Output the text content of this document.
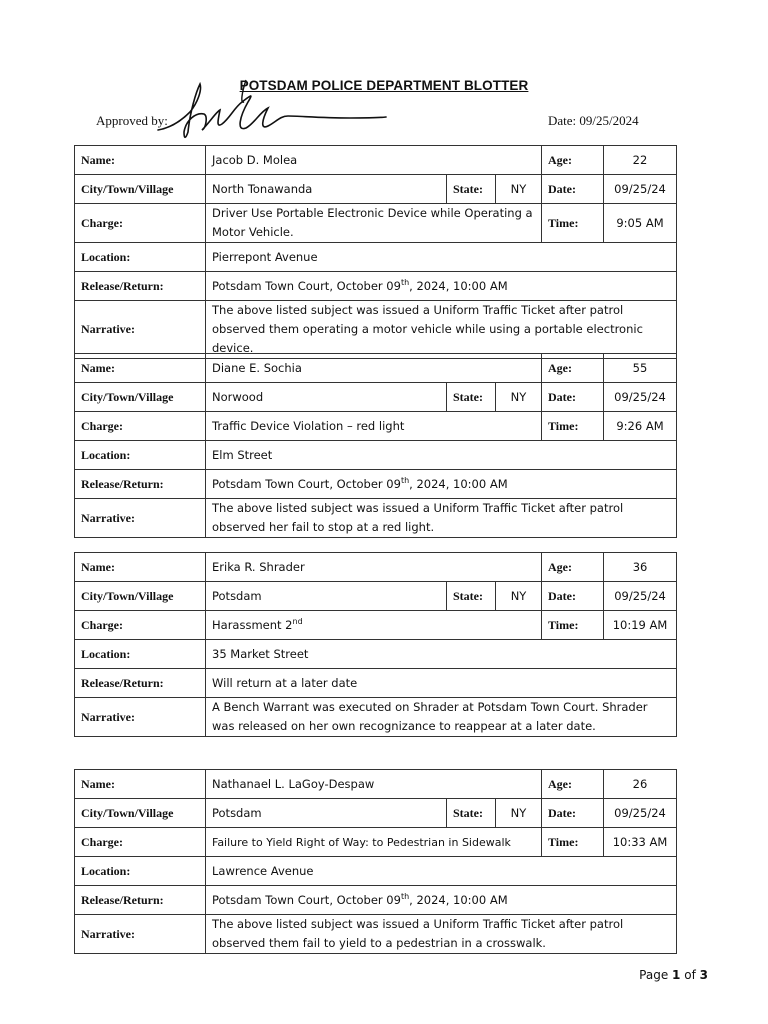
POTSDAM POLICE DEPARTMENT BLOTTER
Approved by:	Date: 09/25/2024
Name:	Jacob D. Molea			Age:	22
City/Town/Village	North Tonawanda	State:	NY	Date:	09/25/24
Charge:	Driver Use Portable Electronic Device while Operating a Motor Vehicle.			Time:	9:05 AM
Location:	Pierrepont Avenue				
Release/Return:	Potsdam Town Court, October 09th, 2024, 10:00 AM				
Narrative:	The above listed subject was issued a Uniform Traffic Ticket after patrol observed them operating a motor vehicle while using a portable electronic device.				
Name:	Diane E. Sochia			Age:	55
City/Town/Village	Norwood	State:	NY	Date:	09/25/24
Charge:	Traffic Device Violation – red light			Time:	9:26 AM
Location:	Elm Street				
Release/Return:	Potsdam Town Court, October 09th, 2024, 10:00 AM				
Narrative:	The above listed subject was issued a Uniform Traffic Ticket after patrol observed her fail to stop at a red light.				
Name:	Erika R. Shrader			Age:	36
City/Town/Village	Potsdam	State:	NY	Date:	09/25/24
Charge:	Harassment 2nd			Time:	10:19 AM
Location:	35 Market Street				
Release/Return:	Will return at a later date				
Narrative:	A Bench Warrant was executed on Shrader at Potsdam Town Court. Shrader was released on her own recognizance to reappear at a later date.				
Name:	Nathanael L. LaGoy-Despaw			Age:	26
City/Town/Village	Potsdam	State:	NY	Date:	09/25/24
Charge:	Failure to Yield Right of Way: to Pedestrian in Sidewalk			Time:	10:33 AM
Location:	Lawrence Avenue				
Release/Return:	Potsdam Town Court, October 09th, 2024, 10:00 AM				
Narrative:	The above listed subject was issued a Uniform Traffic Ticket after patrol observed them fail to yield to a pedestrian in a crosswalk.				
Page 1 of 3
